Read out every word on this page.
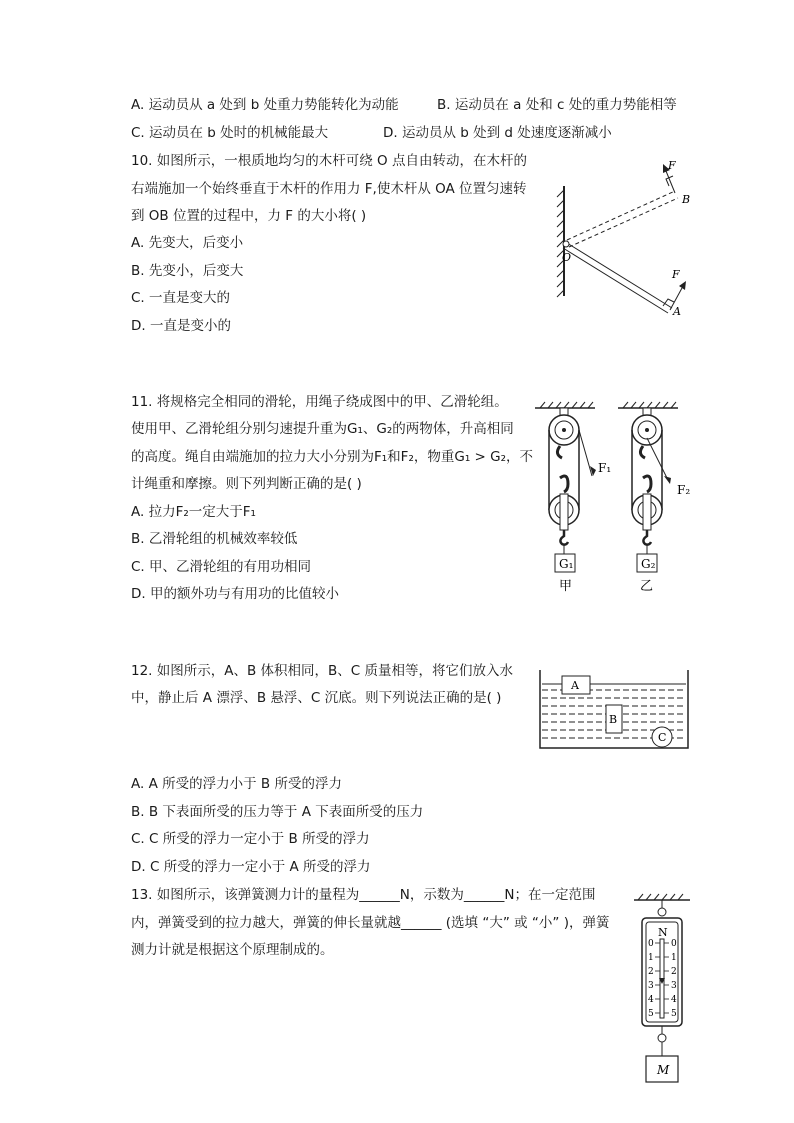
A. 运动员从 a 处到 b 处重力势能转化为动能	B. 运动员在 a 处和 c 处的重力势能相等
C. 运动员在 b 处时的机械能最大	D. 运动员从 b 处到 d 处速度逐渐减小
10. 如图所示，一根质地均匀的木杆可绕 O 点自由转动，在木杆的
右端施加一个始终垂直于木杆的作用力 F,使木杆从 OA 位置匀速转
到 OB 位置的过程中，力 F 的大小将( )
A. 先变大，后变小
B. 先变小，后变大
C. 一直是变大的
D. 一直是变小的
F
B
O
F
A
11. 将规格完全相同的滑轮，用绳子绕成图中的甲、乙滑轮组。
使用甲、乙滑轮组分别匀速提升重为G₁、G₂的两物体，升高相同
的高度。绳自由端施加的拉力大小分别为F₁和F₂，物重G₁ > G₂，不
计绳重和摩擦。则下列判断正确的是( )
A. 拉力F₂一定大于F₁
B. 乙滑轮组的机械效率较低
C. 甲、乙滑轮组的有用功相同
D. 甲的额外功与有用功的比值较小
G₁
F₁
甲
G₂
F₂
乙
12. 如图所示，A、B 体积相同，B、C 质量相等，将它们放入水
中，静止后 A 漂浮、B 悬浮、C 沉底。则下列说法正确的是( )
A. A 所受的浮力小于 B 所受的浮力
B. B 下表面所受的压力等于 A 下表面所受的压力
C. C 所受的浮力一定小于 B 所受的浮力
D. C 所受的浮力一定小于 A 所受的浮力
A
B
C
13. 如图所示，该弹簧测力计的量程为______N，示数为______N；在一定范围
内，弹簧受到的拉力越大，弹簧的伸长量就越______ (选填 “大” 或 “小” )，弹簧
测力计就是根据这个原理制成的。
N
0
1
2
3
4
5
0
1
2
3
4
5
M
